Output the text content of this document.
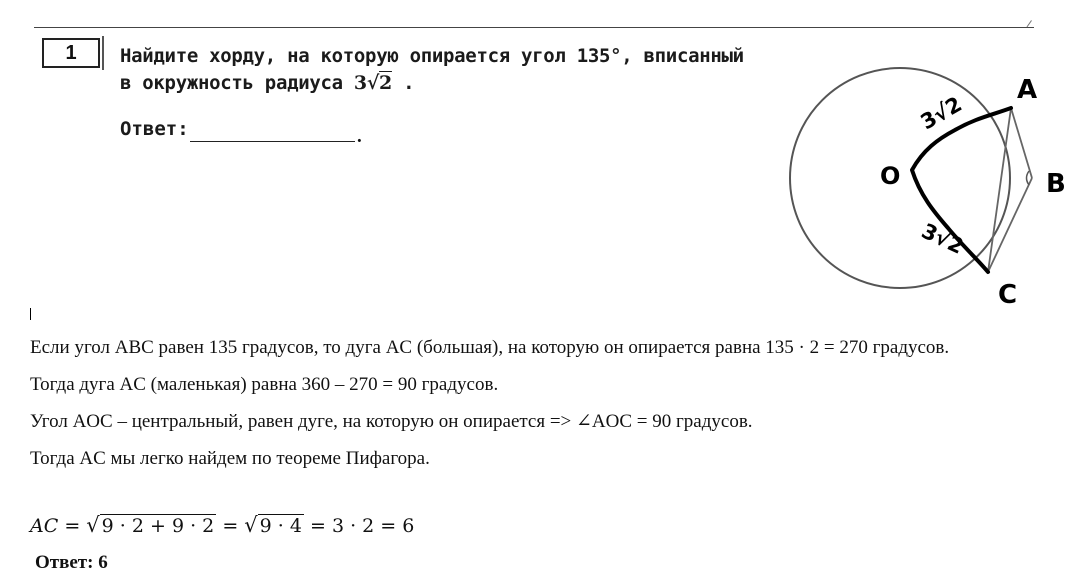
1 Найдите хорду, на которую опирается угол 135°, вписанный
в окружность радиуса 3√2 .
Ответ:	.
A
B
C
O
3√2
3√2

Если угол ABC равен 135 градусов, то дуга AC (большая), на которую он опирается равна 135 · 2 = 270 градусов.

Тогда дуга AC (маленькая) равна 360 – 270 = 90 градусов.

Угол AOC – центральный, равен дуге, на которую он опирается => ∠AOC = 90 градусов.

Тогда AC мы легко найдем по теореме Пифагора.

AC = √ 9 · 2 + 9 · 2 = √ 9 · 4 = 3 · 2 = 6
Ответ: 6
